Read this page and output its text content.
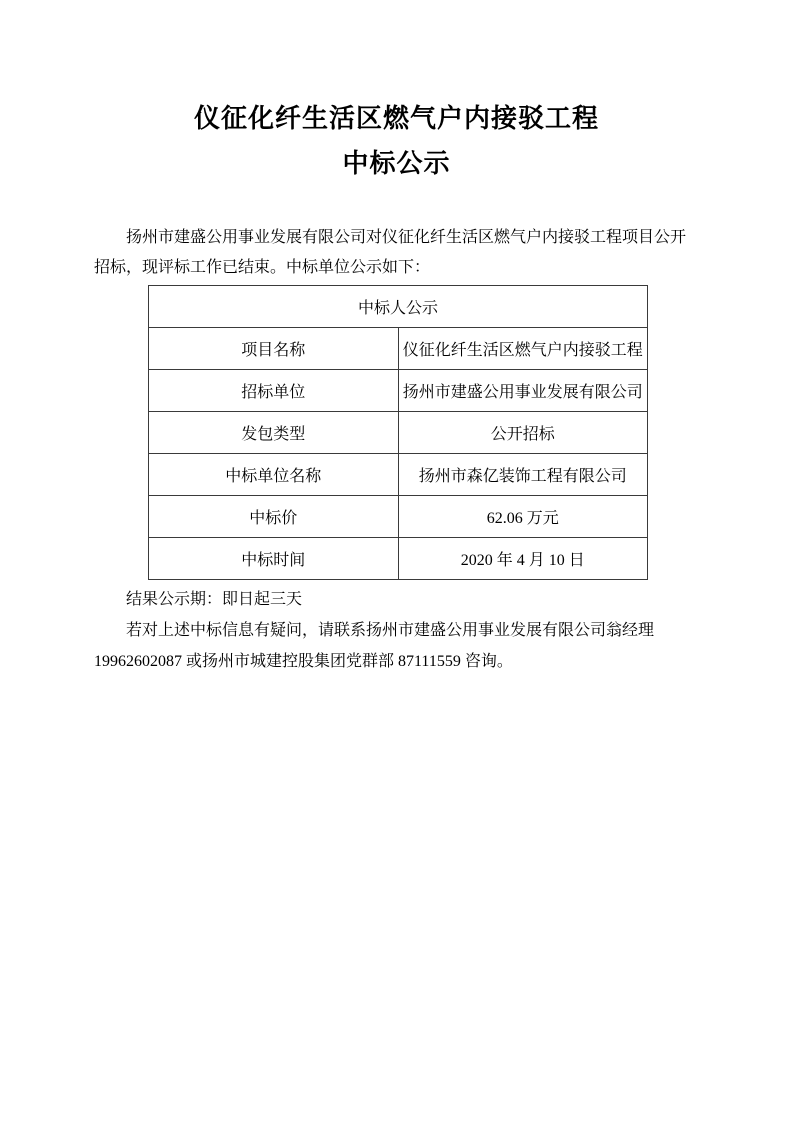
仪征化纤生活区燃气户内接驳工程
中标公示
扬州市建盛公用事业发展有限公司对仪征化纤生活区燃气户内接驳工程项目公开
招标，现评标工作已结束。中标单位公示如下：
中标人公示	
项目名称	仪征化纤生活区燃气户内接驳工程
招标单位	扬州市建盛公用事业发展有限公司
发包类型	公开招标
中标单位名称	扬州市森亿装饰工程有限公司
中标价	62.06 万元
中标时间	2020 年 4 月 10 日
结果公示期：即日起三天
若对上述中标信息有疑问，请联系扬州市建盛公用事业发展有限公司翁经理
19962602087 或扬州市城建控股集团党群部 87111559 咨询。
